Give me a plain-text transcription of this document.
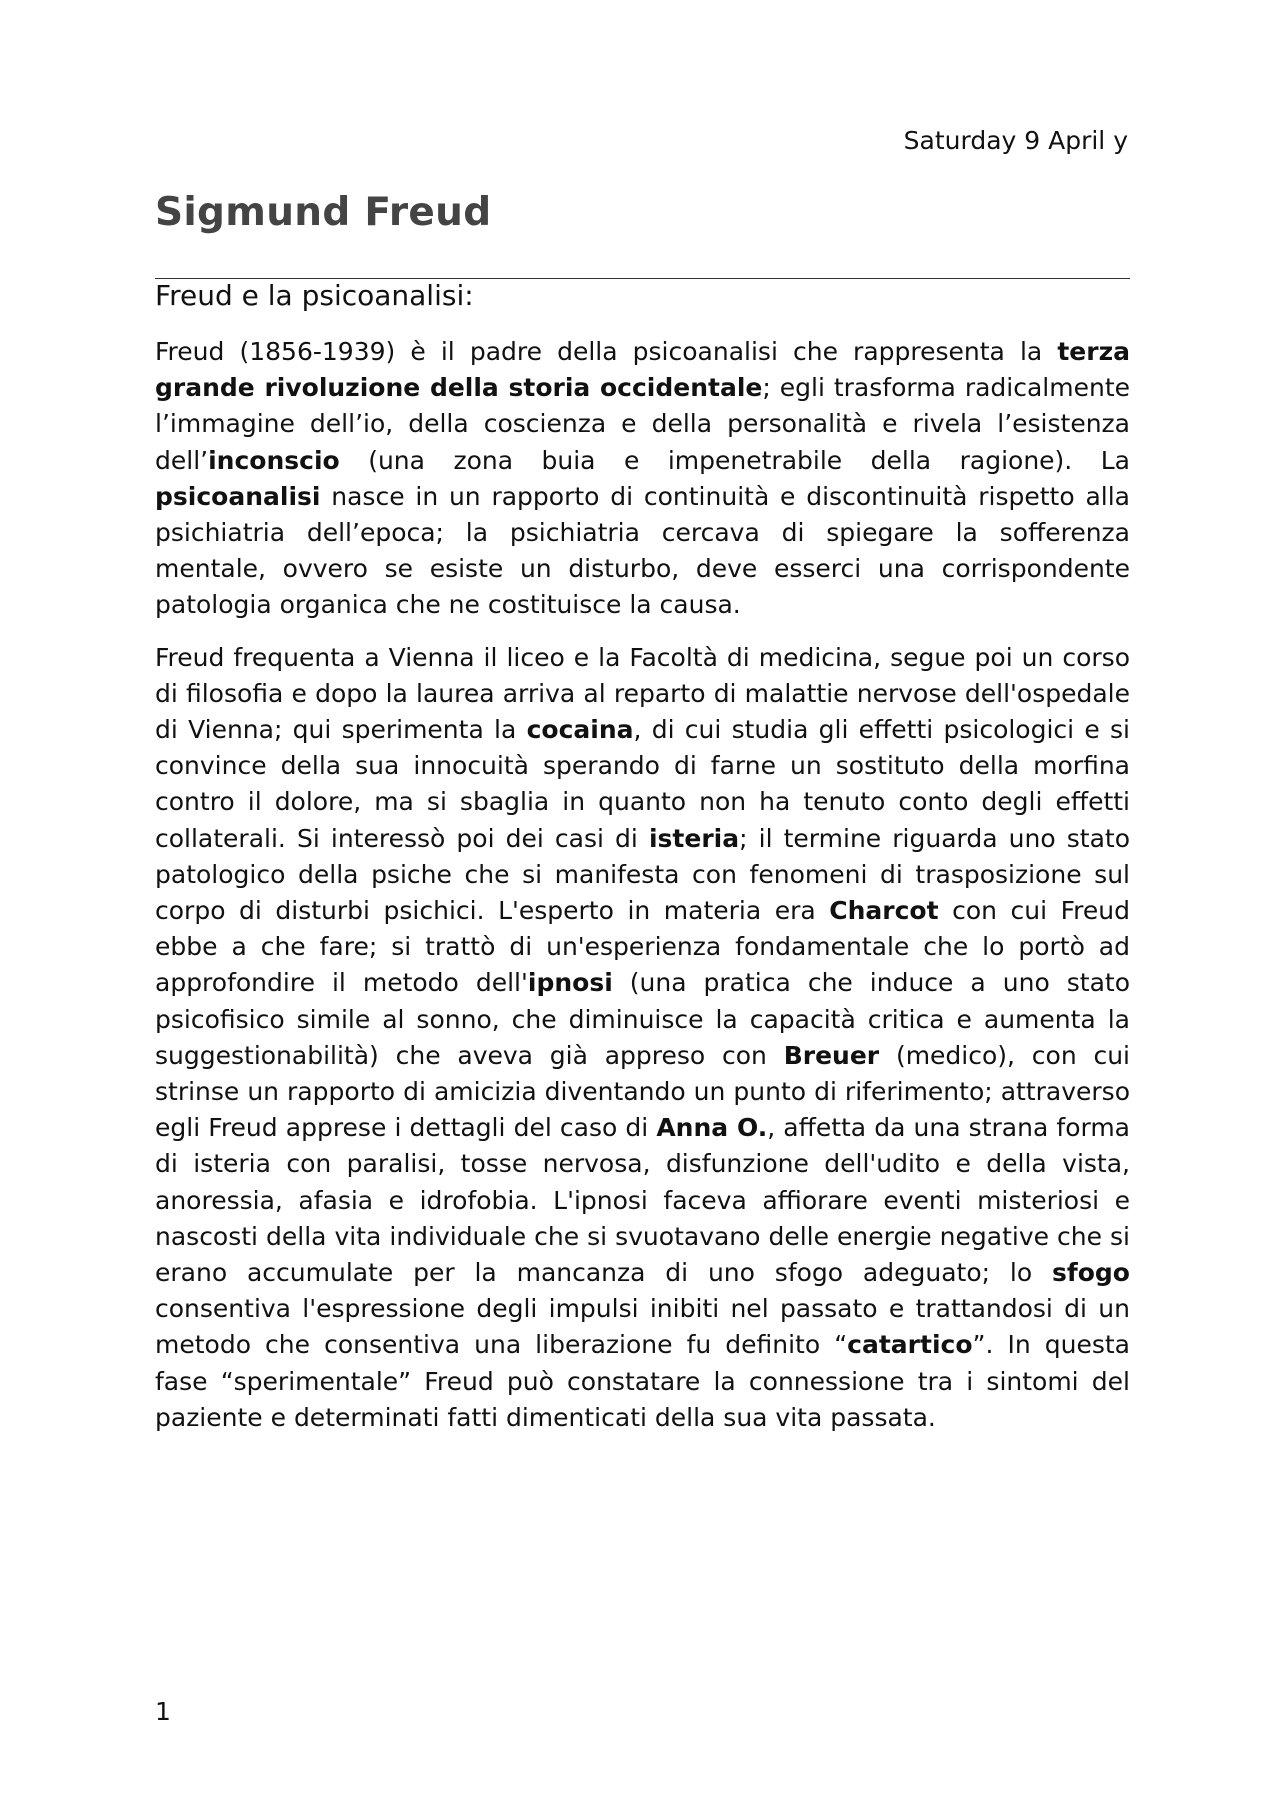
Saturday 9 April y
Sigmund Freud
Freud e la psicoanalisi:

Freud (1856-1939) è il padre della psicoanalisi che rappresenta la terza grande rivoluzione della storia occidentale; egli trasforma radicalmente l’immagine dell’io, della coscienza e della personalità e rivela l’esistenza dell’inconscio (una zona buia e impenetrabile della ragione). La psicoanalisi nasce in un rapporto di continuità e discontinuità rispetto alla psichiatria dell’epoca; la psichiatria cercava di spiegare la sofferenza mentale, ovvero se esiste un disturbo, deve esserci una corrispondente patologia organica che ne costituisce la causa.

Freud frequenta a Vienna il liceo e la Facoltà di medicina, segue poi un corso di filosofia e dopo la laurea arriva al reparto di malattie nervose dell'ospedale di Vienna; qui sperimenta la cocaina, di cui studia gli effetti psicologici e si convince della sua innocuità sperando di farne un sostituto della morfina contro il dolore, ma si sbaglia in quanto non ha tenuto conto degli effetti collaterali. Si interessò poi dei casi di isteria; il termine riguarda uno stato patologico della psiche che si manifesta con fenomeni di trasposizione sul corpo di disturbi psichici. L'esperto in materia era Charcot con cui Freud ebbe a che fare; si trattò di un'esperienza fondamentale che lo portò ad approfondire il metodo dell'ipnosi (una pratica che induce a uno stato psicofisico simile al sonno, che diminuisce la capacità critica e aumenta la suggestionabilità) che aveva già appreso con Breuer (medico), con cui strinse un rapporto di amicizia diventando un punto di riferimento; attraverso egli Freud apprese i dettagli del caso di Anna O., affetta da una strana forma di isteria con paralisi, tosse nervosa, disfunzione dell'udito e della vista, anoressia, afasia e idrofobia. L'ipnosi faceva affiorare eventi misteriosi e nascosti della vita individuale che si svuotavano delle energie negative che si erano accumulate per la mancanza di uno sfogo adeguato; lo sfogo consentiva l'espressione degli impulsi inibiti nel passato e trattandosi di un metodo che consentiva una liberazione fu definito “catartico”. In questa fase “sperimentale” Freud può constatare la connessione tra i sintomi del paziente e determinati fatti dimenticati della sua vita passata.

1
